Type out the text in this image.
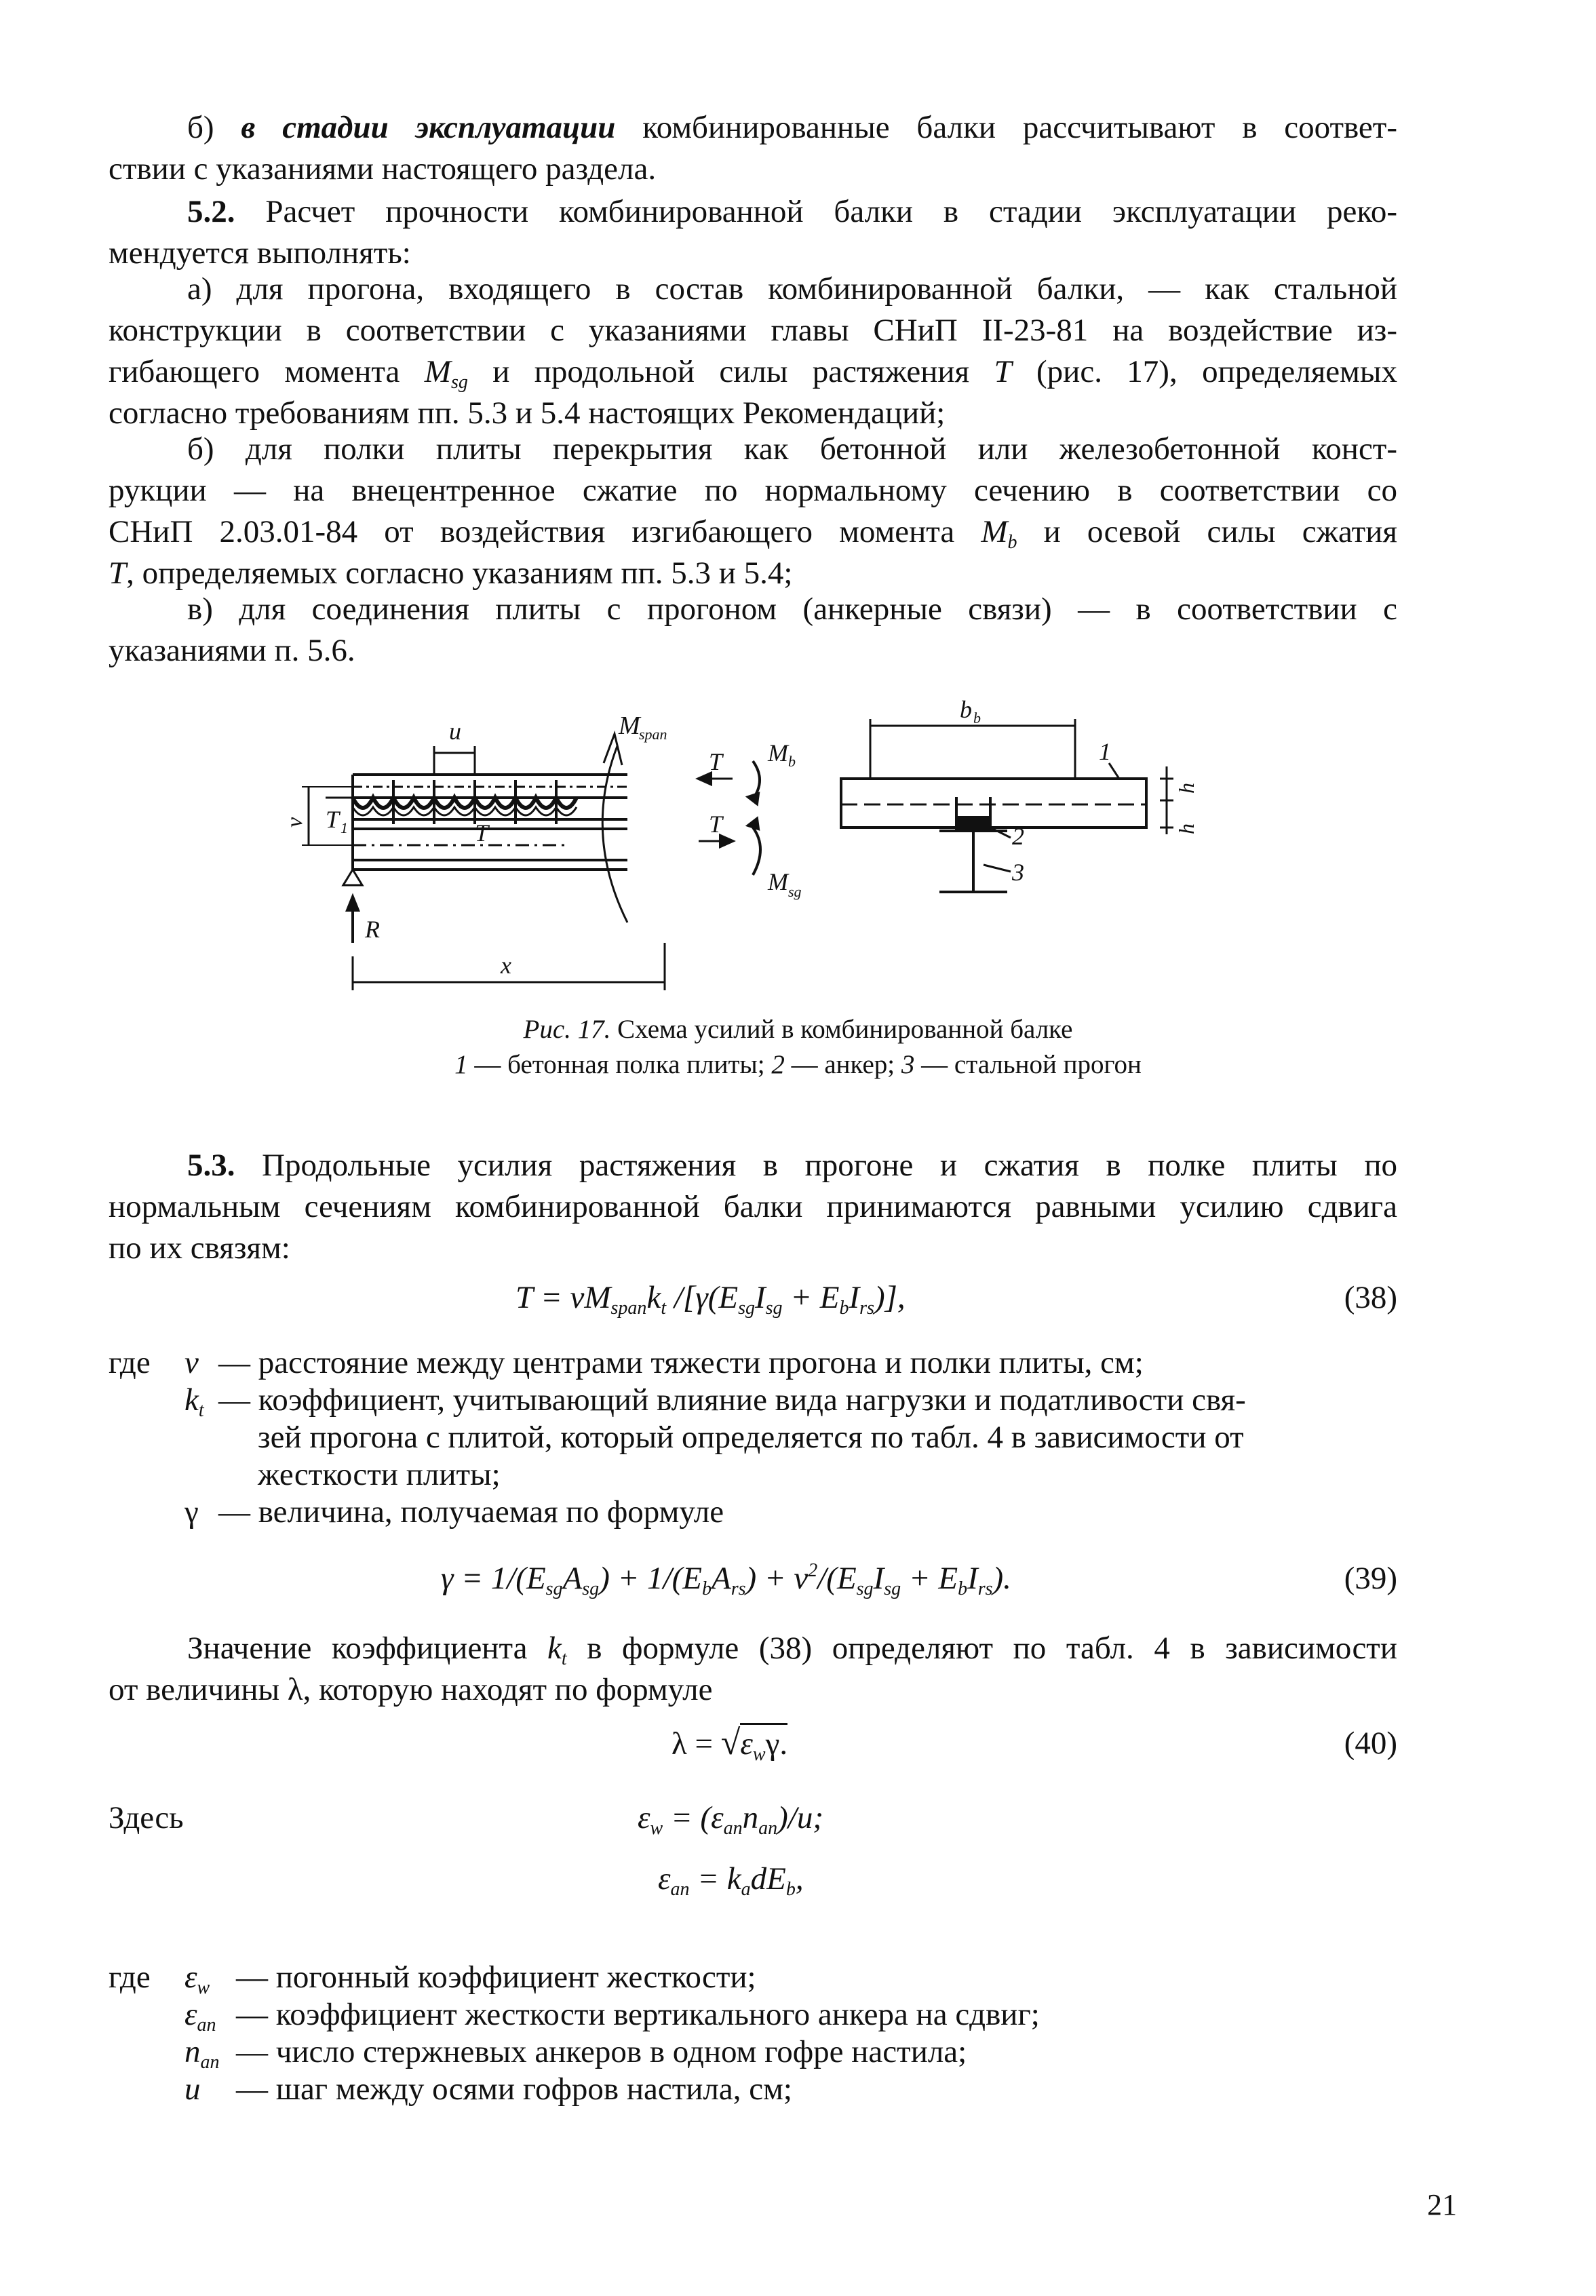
б) в стадии эксплуатации комбинированные балки рассчитывают в соответ-
ствии с указаниями настоящего раздела.
5.2. Расчет прочности комбинированной балки в стадии эксплуатации реко-
мендуется выполнять:
а) для прогона, входящего в состав комбинированной балки, — как стальной
конструкции в соответствии с указаниями главы СНиП II-23-81 на воздействие из-
гибающего момента $M_{sg}$ и продольной силы растяжения T (рис. 17), определяемых
согласно требованиям пп. 5.3 и 5.4 настоящих Рекомендаций;
б) для полки плиты перекрытия как бетонной или железобетонной конст-
рукции — на внецентренное сжатие по нормальному сечению в соответствии со
СНиП 2.03.01-84 от воздействия изгибающего момента $M_b$ и осевой силы сжатия
T, определяемых согласно указаниям пп. 5.3 и 5.4;
в) для соединения плиты с прогоном (анкерные связи) — в соответствии с
указаниями п. 5.6.
u	M
span
T 1
v	T
T
T
M b
M sg
R
x
b b
1
2
3
h
h
Рис. 17. Схема усилий в комбинированной балке
1 — бетонная полка плиты; 2 — анкер; 3 — стальной прогон
5.3. Продольные усилия растяжения в прогоне и сжатия в полке плиты по
нормальным сечениям комбинированной балки принимаются равными усилию сдвига
по их связям:
$T = vM_{span}k_t$ $/[\gamma(E_{sg}I_{sg} + E_bI_{rs})]$,	(38)
где v — расстояние между центрами тяжести прогона и полки плиты, см;
$k_t$ — коэффициент, учитывающий влияние вида нагрузки и податливости свя-
зей прогона с плитой, который определяется по табл. 4 в зависимости от
жесткости плиты;
γ — величина, получаемая по формуле
$\gamma = 1/(E_{sg}A_{sg}) + 1/(E_bA_{rs}) + v^2/(E_{sg}I_{sg} + E_bI_{rs})$.	(39)
Значение коэффициента $k_t$ в формуле (38) определяют по табл. 4 в зависимости
от величины λ, которую находят по формуле
$\lambda = √\varepsilon_w\gamma$.	(40)
Здесь	$\varepsilon_w = (\varepsilon_{an}n_{an})/u$;
$\varepsilon_{an} = k_adE_b$,
где $\varepsilon_w$ — погонный коэффициент жесткости;
$\varepsilon_{an}$ — коэффициент жесткости вертикального анкера на сдвиг;
$n_{an}$ — число стержневых анкеров в одном гофре настила;
u — шаг между осями гофров настила, см;
21
